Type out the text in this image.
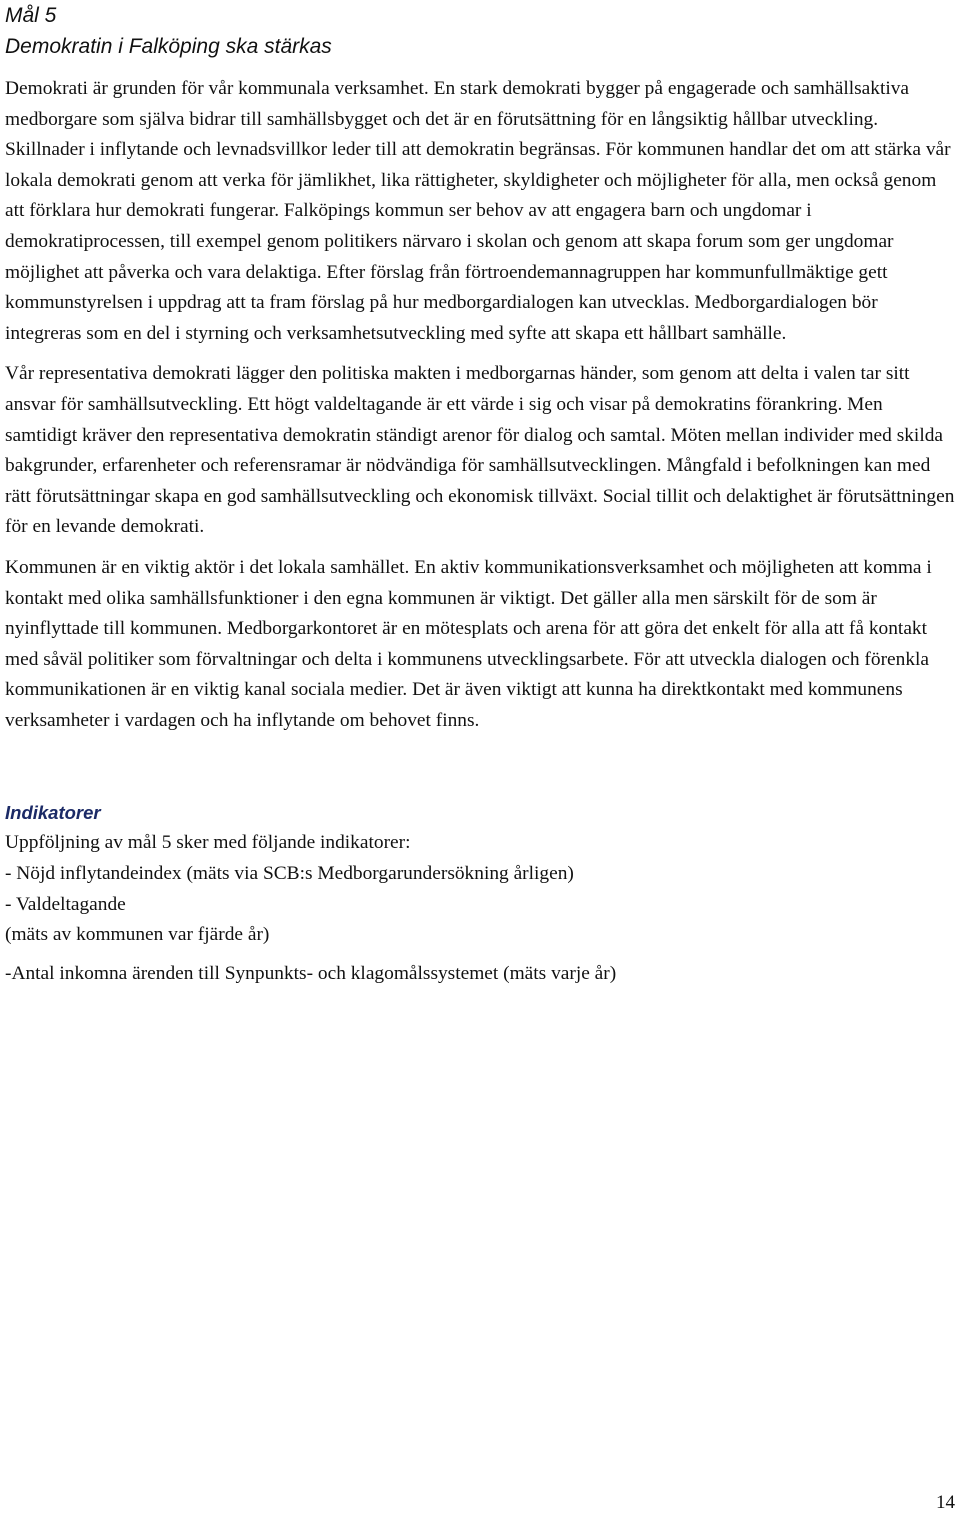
Mål 5
Demokratin i Falköping ska stärkas

Demokrati är grunden för vår kommunala verksamhet. En stark demokrati bygger på engagerade och samhällsaktiva medborgare som själva bidrar till samhällsbygget och det är en förutsättning för en långsiktig hållbar utveckling. Skillnader i inflytande och levnadsvillkor leder till att demokratin begränsas. För kommunen handlar det om att stärka vår lokala demokrati genom att verka för jämlikhet, lika rättigheter, skyldigheter och möjligheter för alla, men också genom att förklara hur demokrati fungerar. Falköpings kommun ser behov av att engagera barn och ungdomar i demokratiprocessen, till exempel genom politikers närvaro i skolan och genom att skapa forum som ger ungdomar möjlighet att påverka och vara delaktiga. Efter förslag från förtroendemannagruppen har kommunfullmäktige gett kommunstyrelsen i uppdrag att ta fram förslag på hur medborgardialogen kan utvecklas. Medborgardialogen bör integreras som en del i styrning och verksamhetsutveckling med syfte att skapa ett hållbart samhälle.

Vår representativa demokrati lägger den politiska makten i medborgarnas händer, som genom att delta i valen tar sitt ansvar för samhällsutveckling. Ett högt valdeltagande är ett värde i sig och visar på demokratins förankring. Men samtidigt kräver den representativa demokratin ständigt arenor för dialog och samtal. Möten mellan individer med skilda bakgrunder, erfarenheter och referensramar är nödvändiga för samhällsutvecklingen. Mångfald i befolkningen kan med rätt förutsättningar skapa en god samhällsutveckling och ekonomisk tillväxt. Social tillit och delaktighet är förutsättningen för en levande demokrati.

Kommunen är en viktig aktör i det lokala samhället. En aktiv kommunikationsverksamhet och möjligheten att komma i kontakt med olika samhällsfunktioner i den egna kommunen är viktigt. Det gäller alla men särskilt för de som är nyinflyttade till kommunen. Medborgarkontoret är en mötesplats och arena för att göra det enkelt för alla att få kontakt med såväl politiker som förvaltningar och delta i kommunens utvecklingsarbete. För att utveckla dialogen och förenkla kommunikationen är en viktig kanal sociala medier. Det är även viktigt att kunna ha direktkontakt med kommunens verksamheter i vardagen och ha inflytande om behovet finns.

Indikatorer

Uppföljning av mål 5 sker med följande indikatorer:

- Nöjd inflytandeindex (mäts via SCB:s Medborgarundersökning årligen)

- Valdeltagande

(mäts av kommunen var fjärde år)

-Antal inkomna ärenden till Synpunkts- och klagomålssystemet (mäts varje år)

14
